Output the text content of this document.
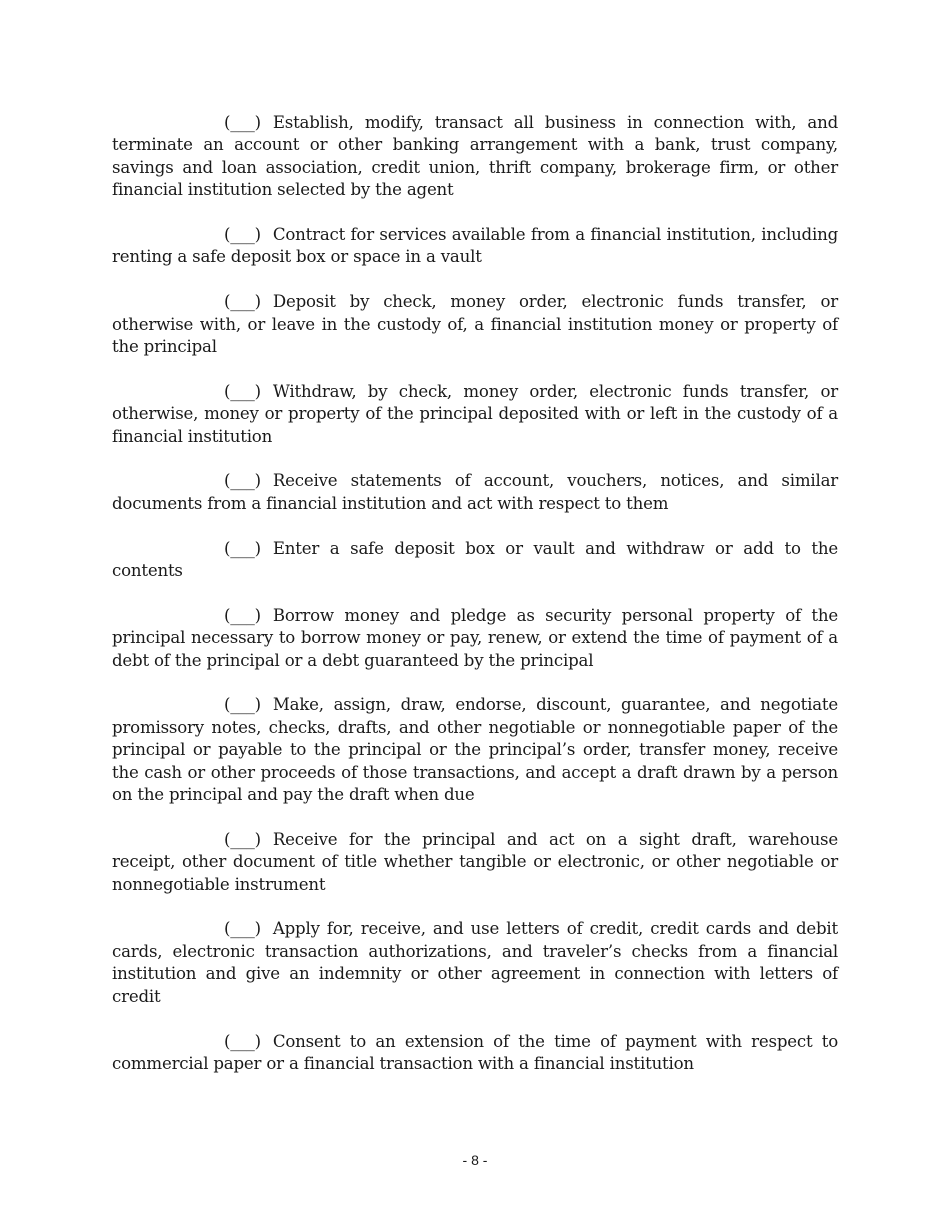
(___) Establish, modify, transact all business in connection with, and terminate an account or other banking arrangement with a bank, trust company, savings and loan association, credit union, thrift company, brokerage firm, or other financial institution selected by the agent

(___) Contract for services available from a financial institution, including renting a safe deposit box or space in a vault

(___) Deposit by check, money order, electronic funds transfer, or otherwise with, or leave in the custody of, a financial institution money or property of the principal

(___) Withdraw, by check, money order, electronic funds transfer, or otherwise, money or property of the principal deposited with or left in the custody of a financial institution

(___) Receive statements of account, vouchers, notices, and similar documents from a financial institution and act with respect to them

(___) Enter a safe deposit box or vault and withdraw or add to the contents

(___) Borrow money and pledge as security personal property of the principal necessary to borrow money or pay, renew, or extend the time of payment of a debt of the principal or a debt guaranteed by the principal

(___) Make, assign, draw, endorse, discount, guarantee, and negotiate promissory notes, checks, drafts, and other negotiable or nonnegotiable paper of the principal or payable to the principal or the principal’s order, transfer money, receive the cash or other proceeds of those transactions, and accept a draft drawn by a person on the principal and pay the draft when due

(___) Receive for the principal and act on a sight draft, warehouse receipt, other document of title whether tangible or electronic, or other negotiable or nonnegotiable instrument

(___) Apply for, receive, and use letters of credit, credit cards and debit cards, electronic transaction authorizations, and traveler’s checks from a financial institution and give an indemnity or other agreement in connection with letters of credit

(___) Consent to an extension of the time of payment with respect to commercial paper or a financial transaction with a financial institution

- 8 -
